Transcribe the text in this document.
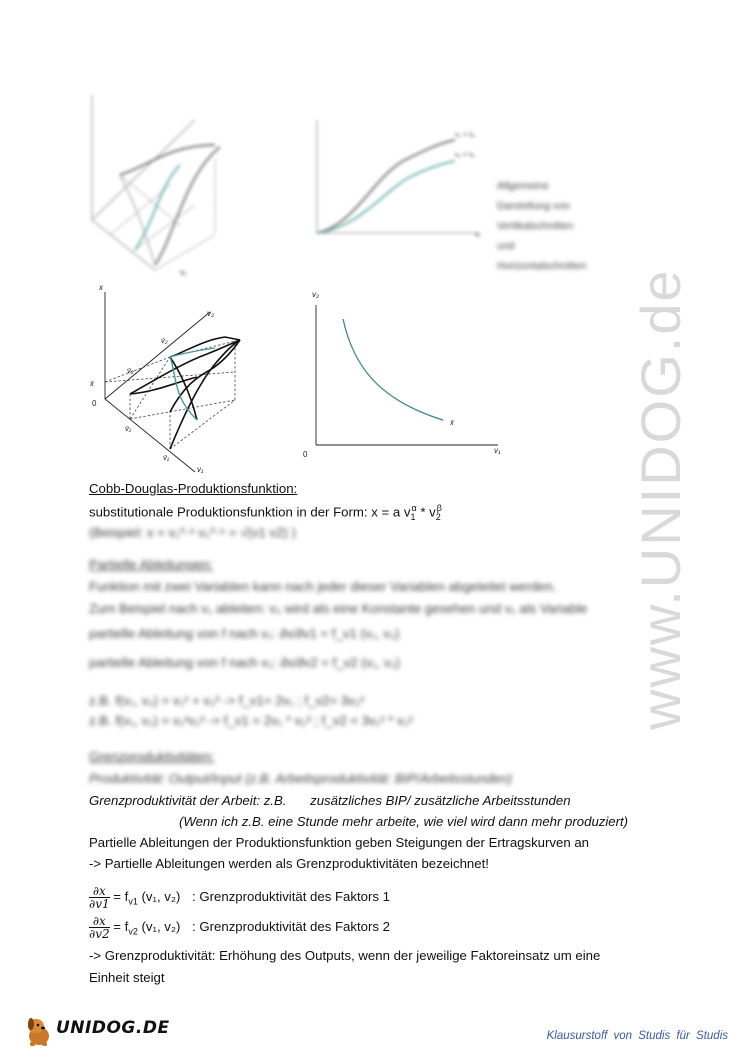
www.UNIDOG.de
v₁
v₂ = v̄₂
v₂ = v̄₂
v₁
Allgemeine
Darstellung von
Vertikalschnitten
und
Horizontalschnitten
x
v₂
v̄₂
v̄₂
x̄
0
v̄₁
v̄₁
v₁
v₂
x̄
0	v₁
Cobb-Douglas-Produktionsfunktion:
substitutionale Produktionsfunktion in der Form: x = a $v_1^\alpha * v_2^\beta$
(Beispiel: x = v₁⁰·⁵ v₂⁰·⁵ = √(v1 v2) )
Partielle Ableitungen:
Funktion mit zwei Variablen kann nach jeder dieser Variablen abgeleitet werden.
Zum Beispiel nach v₁ ableiten: v₂ wird als eine Konstante gesehen und v₁ als Variable
partielle Ableitung von f nach v₁: ∂x/∂v1 = f_v1 (v₁, v₂)
partielle Ableitung von f nach v₂: ∂x/∂v2 = f_v2 (v₁, v₂)
z.B. f(v₁, v₂) = v₁² + v₂³ -> f_v1= 2v₁ ; f_v2= 3v₂²
z.B. f(v₁, v₂) = v₁²v₂³ -> f_v1 = 2v₁ * v₂³ ; f_v2 = 3v₁² * v₂²
Grenzproduktivitäten:
Produktivität: Output/Input (z.B. Arbeitsproduktivität: BIP/Arbeitsstunden)
Grenzproduktivität der Arbeit: z.B. zusätzliches BIP/ zusätzliche Arbeitsstunden
(Wenn ich z.B. eine Stunde mehr arbeite, wie viel wird dann mehr produziert)
Partielle Ableitungen der Produktionsfunktion geben Steigungen der Ertragskurven an
-> Partielle Ableitungen werden als Grenzproduktivitäten bezeichnet!
$\frac{\partial x}{\partial v1} = f_{v1}$ (v₁, v₂) : Grenzproduktivität des Faktors 1
$\frac{\partial x}{\partial v2} = f_{v2}$ (v₁, v₂) : Grenzproduktivität des Faktors 2
-> Grenzproduktivität: Erhöhung des Outputs, wenn der jeweilige Faktoreinsatz um eine
Einheit steigt
UNIDOG.DE	Klausurstoff von Studis für Studis
